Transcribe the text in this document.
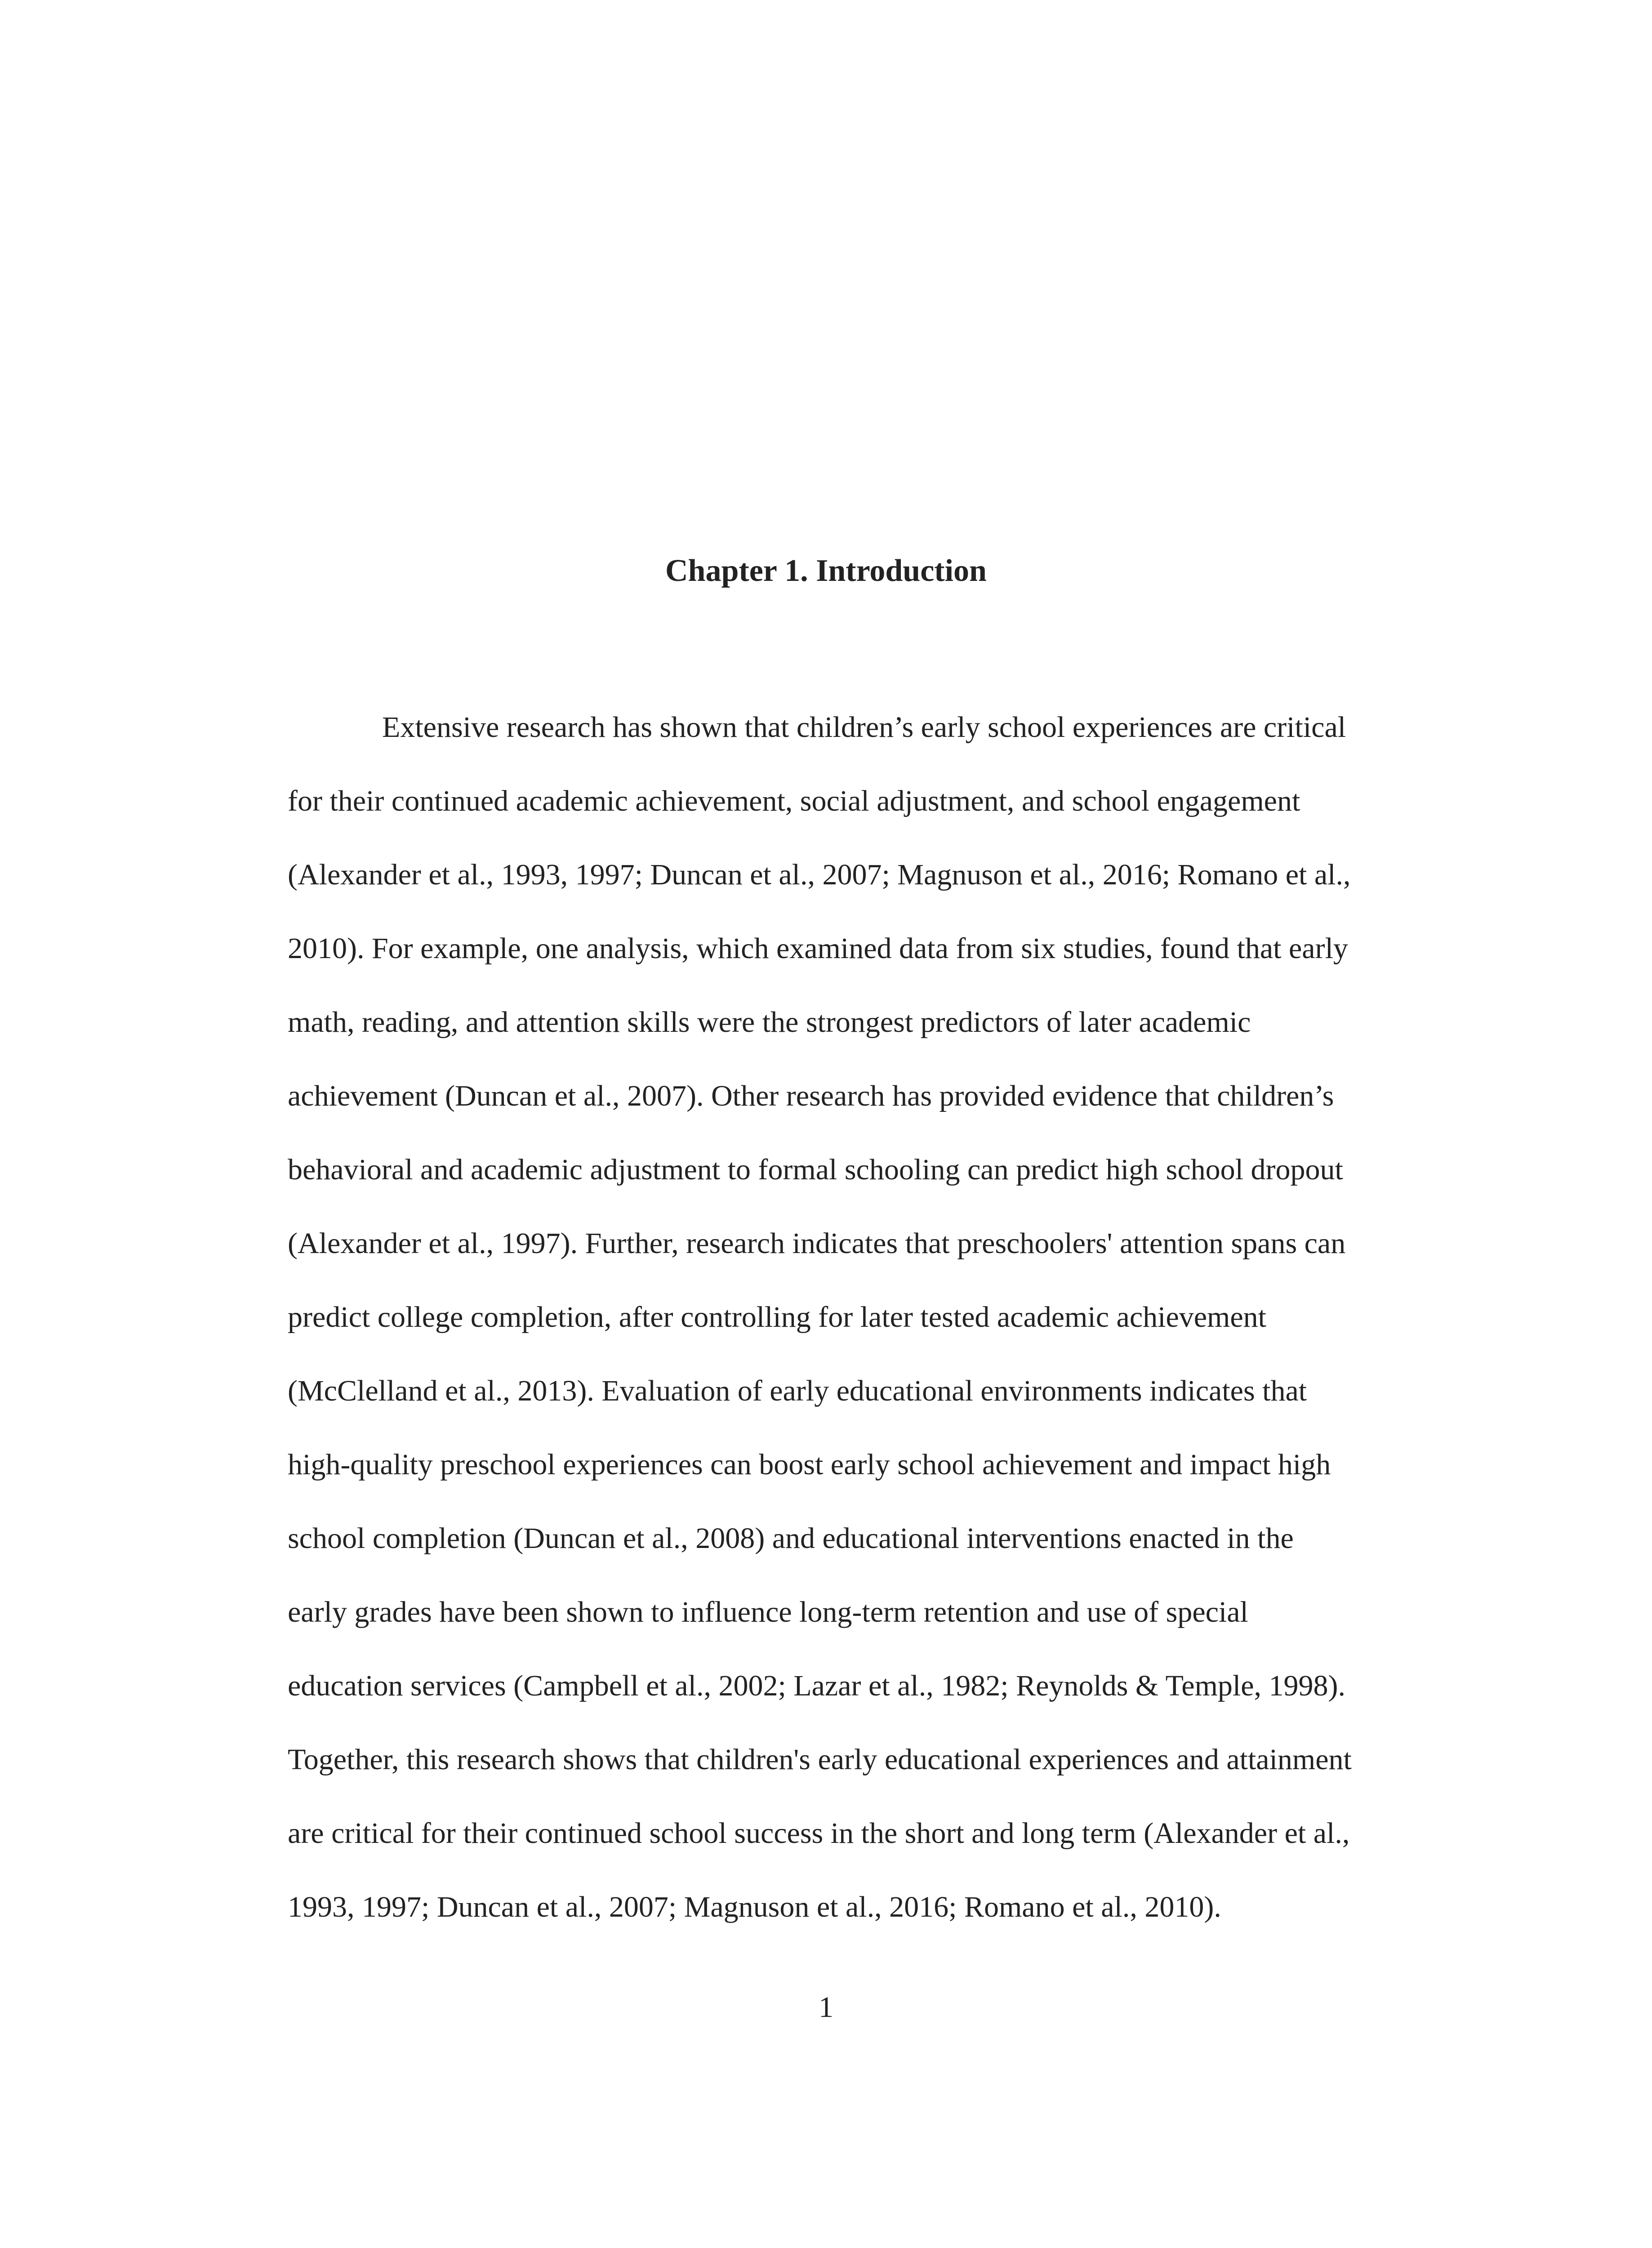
Chapter 1. Introduction
Extensive research has shown that children’s early school experiences are critical
for their continued academic achievement, social adjustment, and school engagement
(Alexander et al., 1993, 1997; Duncan et al., 2007; Magnuson et al., 2016; Romano et al.,
2010). For example, one analysis, which examined data from six studies, found that early
math, reading, and attention skills were the strongest predictors of later academic
achievement (Duncan et al., 2007). Other research has provided evidence that children’s
behavioral and academic adjustment to formal schooling can predict high school dropout
(Alexander et al., 1997). Further, research indicates that preschoolers' attention spans can
predict college completion, after controlling for later tested academic achievement
(McClelland et al., 2013). Evaluation of early educational environments indicates that
high-quality preschool experiences can boost early school achievement and impact high
school completion (Duncan et al., 2008) and educational interventions enacted in the
early grades have been shown to influence long-term retention and use of special
education services (Campbell et al., 2002; Lazar et al., 1982; Reynolds & Temple, 1998).
Together, this research shows that children's early educational experiences and attainment
are critical for their continued school success in the short and long term (Alexander et al.,
1993, 1997; Duncan et al., 2007; Magnuson et al., 2016; Romano et al., 2010).
1
